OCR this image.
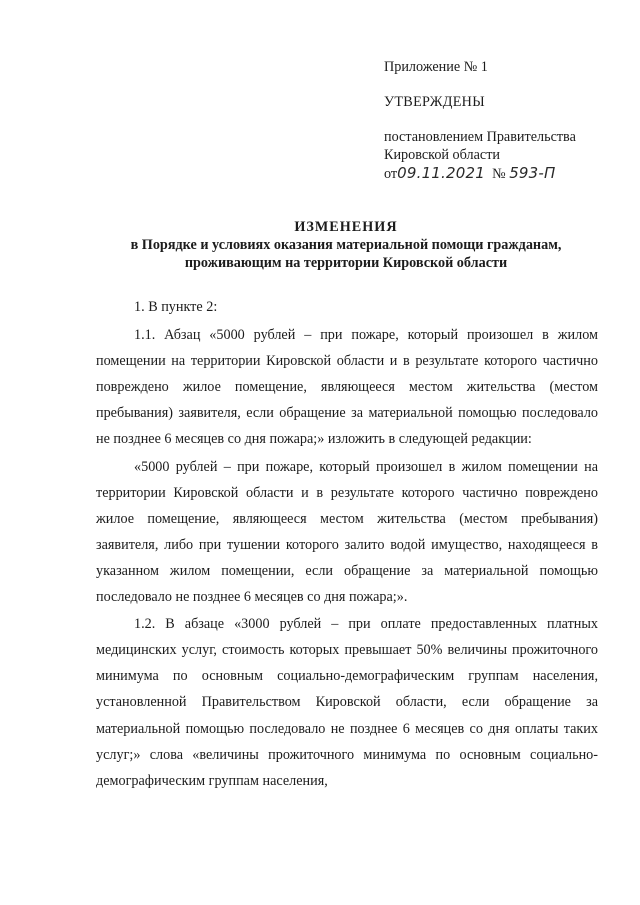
Приложение № 1
УТВЕРЖДЕНЫ
постановлением Правительства
Кировской области
от09.11.2021 № 593-П
ИЗМЕНЕНИЯ
в Порядке и условиях оказания материальной помощи гражданам,
проживающим на территории Кировской области

1. В пункте 2:

1.1. Абзац «5000 рублей – при пожаре, который произошел в жилом помещении на территории Кировской области и в результате которого частично повреждено жилое помещение, являющееся местом жительства (местом пребывания) заявителя, если обращение за материальной помощью последовало не позднее 6 месяцев со дня пожара;» изложить в следующей редакции:

«5000 рублей – при пожаре, который произошел в жилом помещении на территории Кировской области и в результате которого частично повреждено жилое помещение, являющееся местом жительства (местом пребывания) заявителя, либо при тушении которого залито водой имущество, находящееся в указанном жилом помещении, если обращение за материальной помощью последовало не позднее 6 месяцев со дня пожара;».

1.2. В абзаце «3000 рублей – при оплате предоставленных платных медицинских услуг, стоимость которых превышает 50% величины прожиточного минимума по основным социально-демографическим группам населения, установленной Правительством Кировской области, если обращение за материальной помощью последовало не позднее 6 месяцев со дня оплаты таких услуг;» слова «величины прожиточного минимума по основным социально-демографическим группам населения,
